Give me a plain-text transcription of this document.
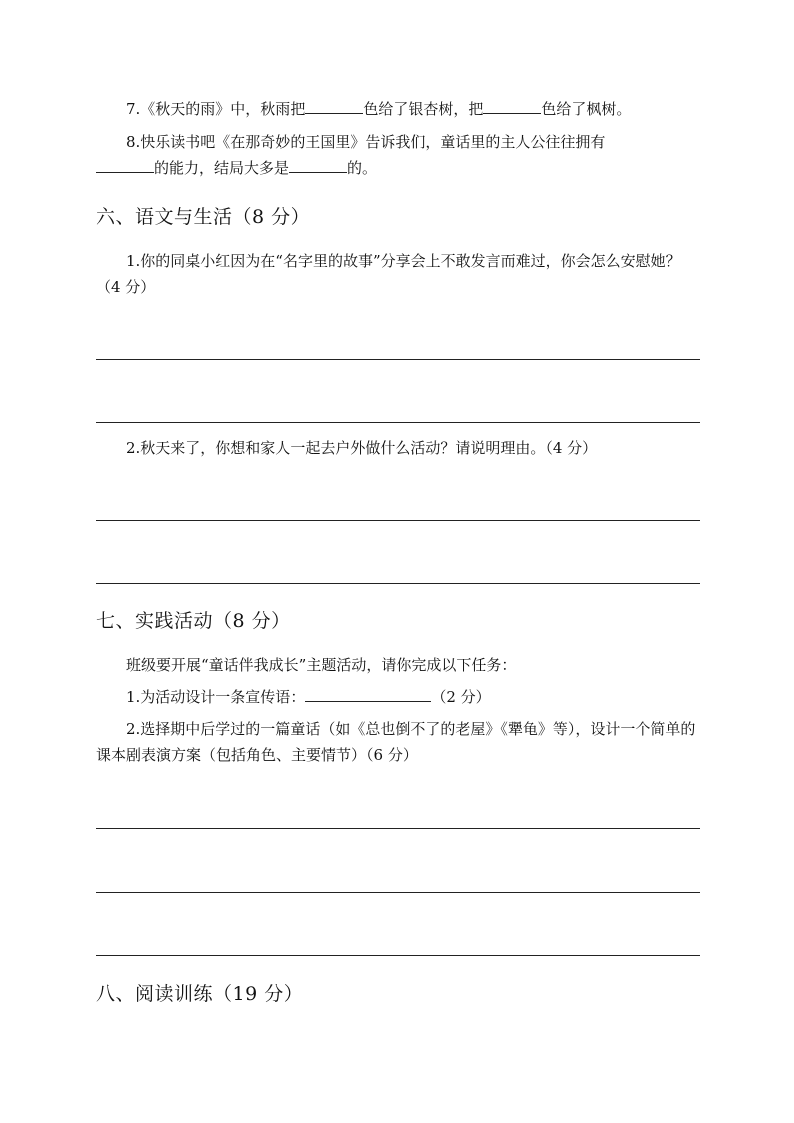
7.《秋天的雨》中，秋雨把	色给了银杏树，把	色给了枫树。
8.快乐读书吧《在那奇妙的王国里》告诉我们，童话里的主人公往往拥有
的能力，结局大多是	的。
六、语文与生活（8 分）
1.你的同桌小红因为在“名字里的故事”分享会上不敢发言而难过，你会怎么安慰她？（4 分）
2.秋天来了，你想和家人一起去户外做什么活动？请说明理由。（4 分）
七、实践活动（8 分）
班级要开展“童话伴我成长”主题活动，请你完成以下任务：
1.为活动设计一条宣传语：	（2 分）
2.选择期中后学过的一篇童话（如《总也倒不了的老屋》《犟龟》等），设计一个简单的课本剧表演方案（包括角色、主要情节）（6 分）
八、阅读训练（19 分）
